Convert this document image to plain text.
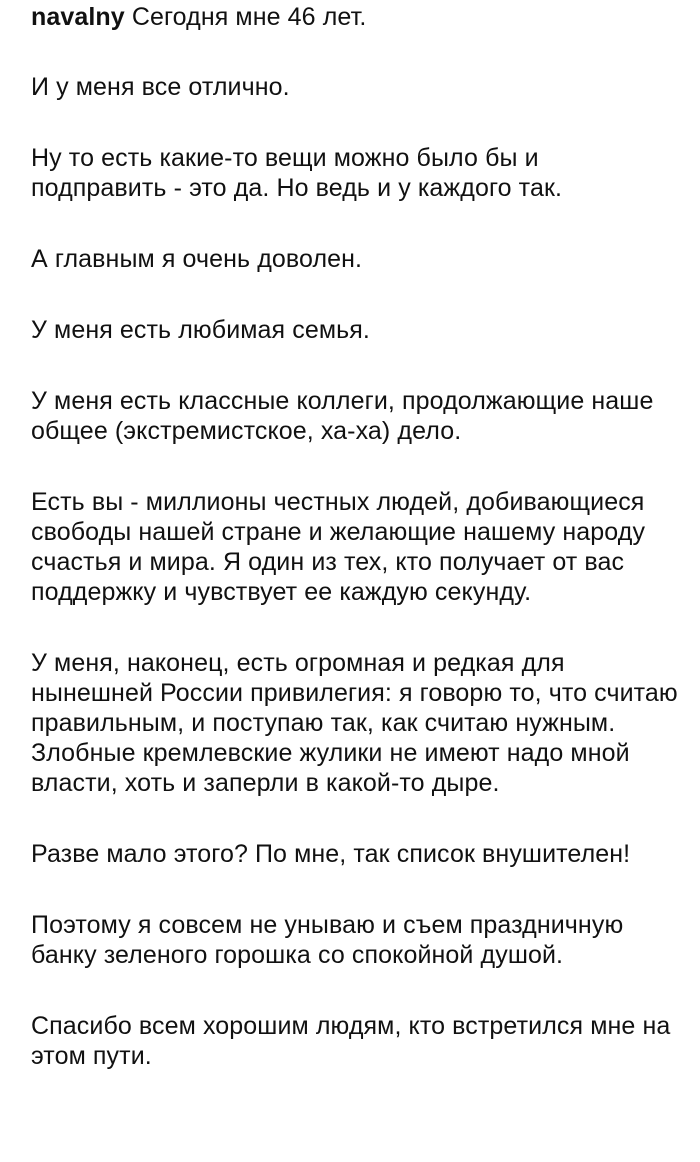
navalny Сегодня мне 46 лет.

И у меня все отлично.

Ну то есть какие-то вещи можно было бы и подправить - это да. Но ведь и у каждого так.

А главным я очень доволен.

У меня есть любимая семья.

У меня есть классные коллеги, продолжающие наше общее (экстремистское, ха-ха) дело.

Есть вы - миллионы честных людей, добивающиеся свободы нашей стране и желающие нашему народу счастья и мира. Я один из тех, кто получает от вас поддержку и чувствует ее каждую секунду.

У меня, наконец, есть огромная и редкая для нынешней России привилегия: я говорю то, что считаю правильным, и поступаю так, как считаю нужным. Злобные кремлевские жулики не имеют надо мной власти, хоть и заперли в какой-то дыре.

Разве мало этого? По мне, так список внушителен!

Поэтому я совсем не унываю и съем праздничную банку зеленого горошка со спокойной душой.

Спасибо всем хорошим людям, кто встретился мне на этом пути.
